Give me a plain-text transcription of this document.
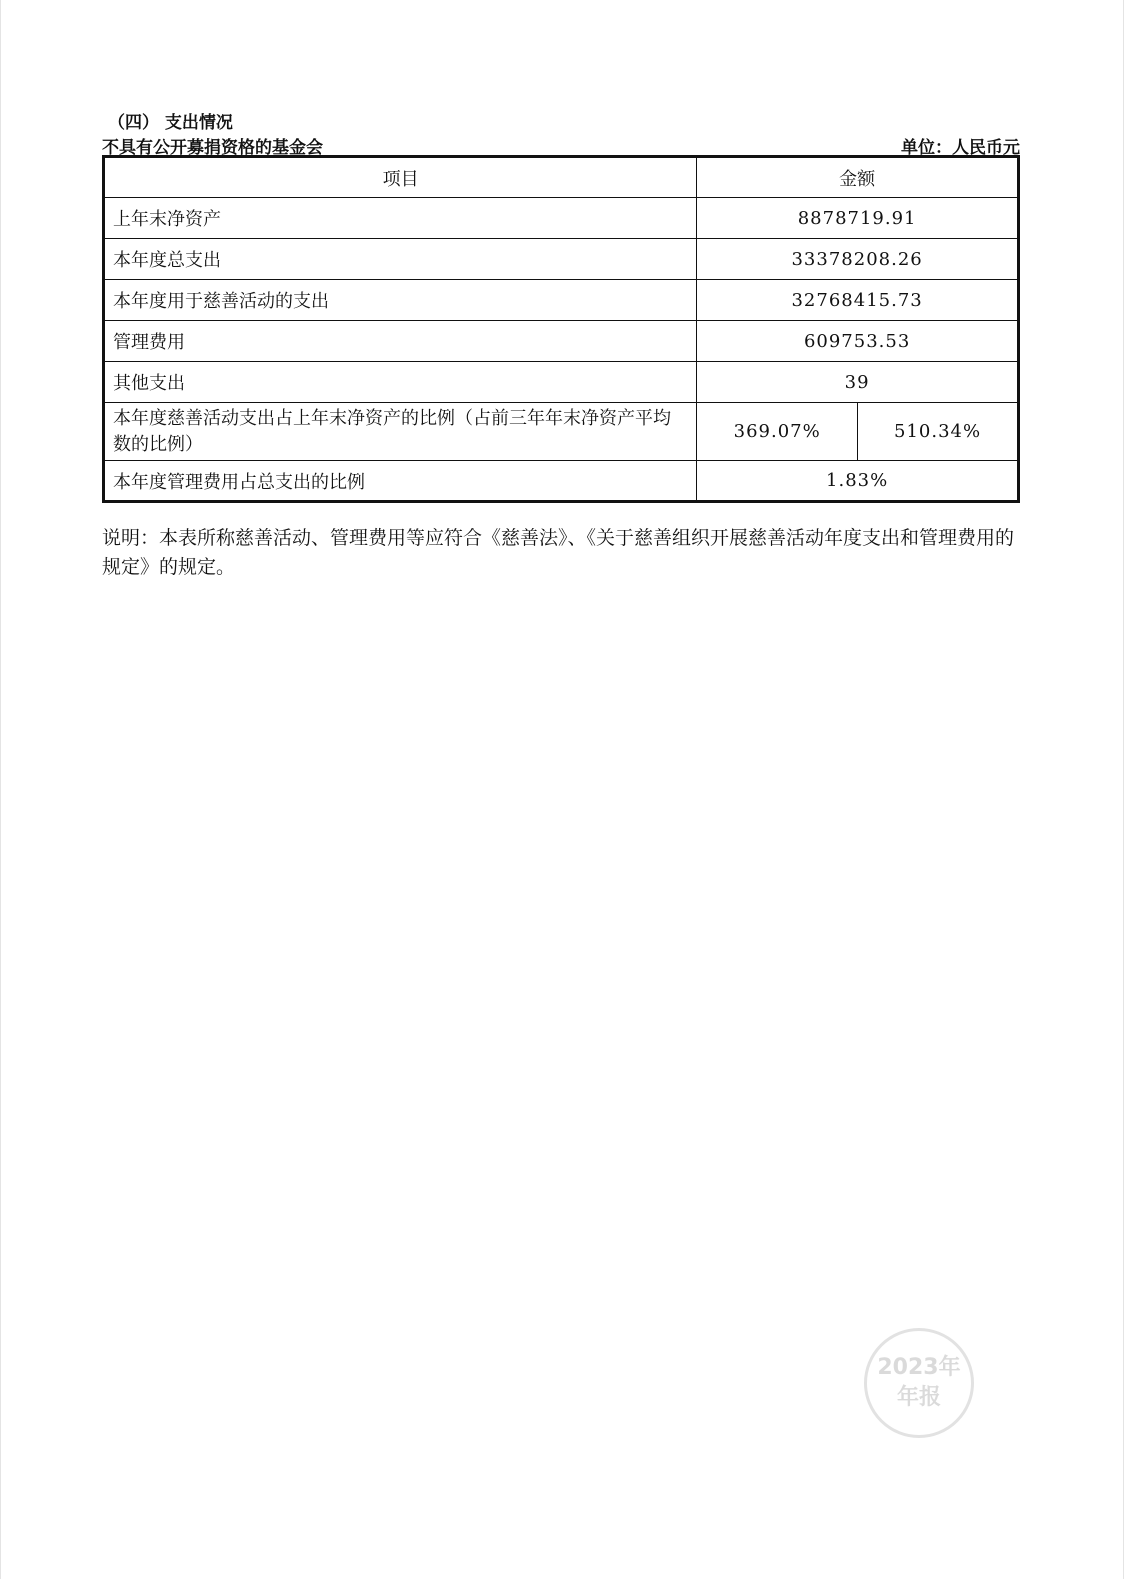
（四） 支出情况
不具有公开募捐资格的基金会	单位：人民币元
项目	金额	
上年末净资产	8878719.91	
本年度总支出	33378208.26	
本年度用于慈善活动的支出	32768415.73	
管理费用	609753.53	
其他支出	39	
本年度慈善活动支出占上年末净资产的比例（占前三年年末净资产平均数的比例）	369.07%	510.34%
本年度管理费用占总支出的比例	1.83%	
说明：本表所称慈善活动、管理费用等应符合《慈善法》、《关于慈善组织开展慈善活动年度支出和管理费用的规定》的规定。
2023年
年报
